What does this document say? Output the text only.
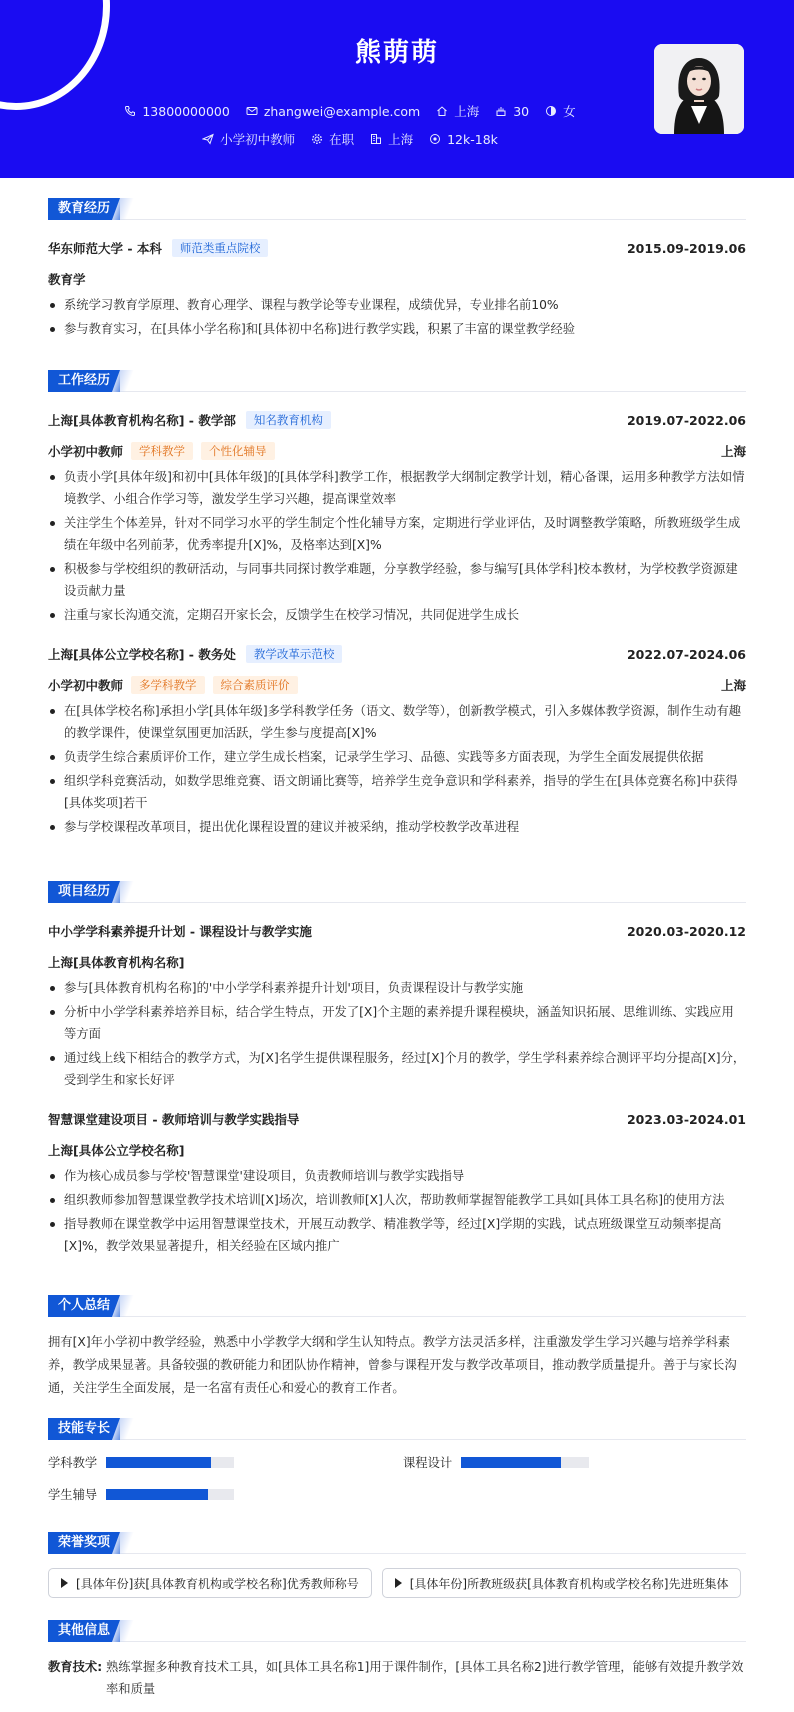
熊萌萌
13800000000	zhangwei@example.com	上海	30	女
小学初中教师	在职	上海	12k-18k
教育经历
华东师范大学 - 本科	师范类重点院校	2015.09-2019.06
教育学
系统学习教育学原理、教育心理学、课程与教学论等专业课程，成绩优异，专业排名前10%
参与教育实习，在[具体小学名称]和[具体初中名称]进行教学实践，积累了丰富的课堂教学经验
工作经历
上海[具体教育机构名称] - 教学部	知名教育机构	2019.07-2022.06
小学初中教师	学科教学	个性化辅导	上海
负责小学[具体年级]和初中[具体年级]的[具体学科]教学工作，根据教学大纲制定教学计划，精心备课，运用多种教学方法如情境教学、小组合作学习等，激发学生学习兴趣，提高课堂效率
关注学生个体差异，针对不同学习水平的学生制定个性化辅导方案，定期进行学业评估，及时调整教学策略，所教班级学生成绩在年级中名列前茅，优秀率提升[X]%，及格率达到[X]%
积极参与学校组织的教研活动，与同事共同探讨教学难题，分享教学经验，参与编写[具体学科]校本教材，为学校教学资源建设贡献力量
注重与家长沟通交流，定期召开家长会，反馈学生在校学习情况，共同促进学生成长
上海[具体公立学校名称] - 教务处	教学改革示范校	2022.07-2024.06
小学初中教师	多学科教学	综合素质评价	上海
在[具体学校名称]承担小学[具体年级]多学科教学任务（语文、数学等），创新教学模式，引入多媒体教学资源，制作生动有趣的教学课件，使课堂氛围更加活跃，学生参与度提高[X]%
负责学生综合素质评价工作，建立学生成长档案，记录学生学习、品德、实践等多方面表现，为学生全面发展提供依据
组织学科竞赛活动，如数学思维竞赛、语文朗诵比赛等，培养学生竞争意识和学科素养，指导的学生在[具体竞赛名称]中获得[具体奖项]若干
参与学校课程改革项目，提出优化课程设置的建议并被采纳，推动学校教学改革进程
项目经历
中小学学科素养提升计划 - 课程设计与教学实施	2020.03-2020.12
上海[具体教育机构名称]
参与[具体教育机构名称]的'中小学学科素养提升计划'项目，负责课程设计与教学实施
分析中小学学科素养培养目标，结合学生特点，开发了[X]个主题的素养提升课程模块，涵盖知识拓展、思维训练、实践应用等方面
通过线上线下相结合的教学方式，为[X]名学生提供课程服务，经过[X]个月的教学，学生学科素养综合测评平均分提高[X]分，受到学生和家长好评
智慧课堂建设项目 - 教师培训与教学实践指导	2023.03-2024.01
上海[具体公立学校名称]
作为核心成员参与学校'智慧课堂'建设项目，负责教师培训与教学实践指导
组织教师参加智慧课堂教学技术培训[X]场次，培训教师[X]人次，帮助教师掌握智能教学工具如[具体工具名称]的使用方法
指导教师在课堂教学中运用智慧课堂技术，开展互动教学、精准教学等，经过[X]学期的实践，试点班级课堂互动频率提高[X]%，教学效果显著提升，相关经验在区域内推广
个人总结

拥有[X]年小学初中教学经验，熟悉中小学教学大纲和学生认知特点。教学方法灵活多样，注重激发学生学习兴趣与培养学科素养，教学成果显著。具备较强的教研能力和团队协作精神，曾参与课程开发与教学改革项目，推动教学质量提升。善于与家长沟通，关注学生全面发展，是一名富有责任心和爱心的教育工作者。

技能专长
学科教学	课程设计
学生辅导
荣誉奖项
[具体年份]获[具体教育机构或学校名称]优秀教师称号	[具体年份]所教班级获[具体教育机构或学校名称]先进班集体
其他信息
教育技术: 熟练掌握多种教育技术工具，如[具体工具名称1]用于课件制作，[具体工具名称2]进行教学管理，能够有效提升教学效率和质量
